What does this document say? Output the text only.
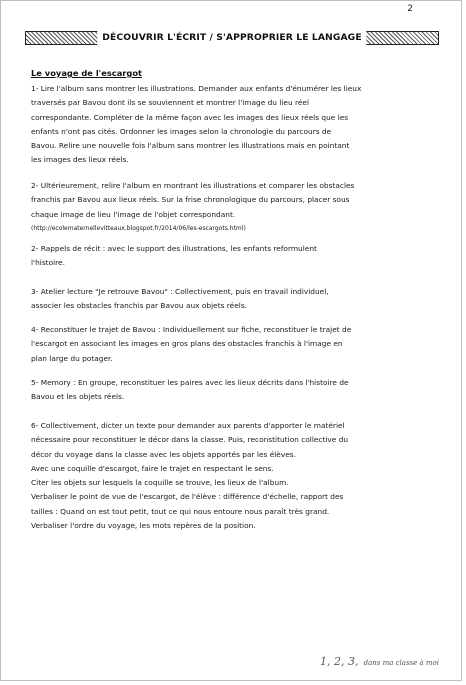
2
DÉCOUVRIR L'ÉCRIT / S'APPROPRIER LE LANGAGE
Le voyage de l'escargot

1- Lire l'album sans montrer les illustrations. Demander aux enfants d'énumérer les lieux
traversés par Bavou dont ils se souviennent et montrer l'image du lieu réel
correspondante. Compléter de la même façon avec les images des lieux réels que les
enfants n'ont pas cités. Ordonner les images selon la chronologie du parcours de
Bavou. Relire une nouvelle fois l'album sans montrer les illustrations mais en pointant
les images des lieux réels.

2- Ultérieurement, relire l'album en montrant les illustrations et comparer les obstacles
franchis par Bavou aux lieux réels. Sur la frise chronologique du parcours, placer sous
chaque image de lieu l'image de l'objet correspondant.
(http://ecolematernellevitteaux.blogspot.fr/2014/06/les-escargots.html)

2- Rappels de récit : avec le support des illustrations, les enfants reformulent
l'histoire.

3- Atelier lecture "Je retrouve Bavou" : Collectivement, puis en travail individuel,
associer les obstacles franchis par Bavou aux objets réels.

4- Reconstituer le trajet de Bavou : Individuellement sur fiche, reconstituer le trajet de
l'escargot en associant les images en gros plans des obstacles franchis à l'image en
plan large du potager.

5- Memory : En groupe, reconstituer les paires avec les lieux décrits dans l'histoire de
Bavou et les objets réels.

6- Collectivement, dicter un texte pour demander aux parents d'apporter le matériel
nécessaire pour reconstituer le décor dans la classe. Puis, reconstitution collective du
décor du voyage dans la classe avec les objets apportés par les élèves.
Avec une coquille d'escargot, faire le trajet en respectant le sens.
Citer les objets sur lesquels la coquille se trouve, les lieux de l'album.
Verbaliser le point de vue de l'escargot, de l'élève : différence d'échelle, rapport des
tailles : Quand on est tout petit, tout ce qui nous entoure nous paraît très grand.
Verbaliser l'ordre du voyage, les mots repères de la position.

1, 2, 3, dans ma classe à moi
